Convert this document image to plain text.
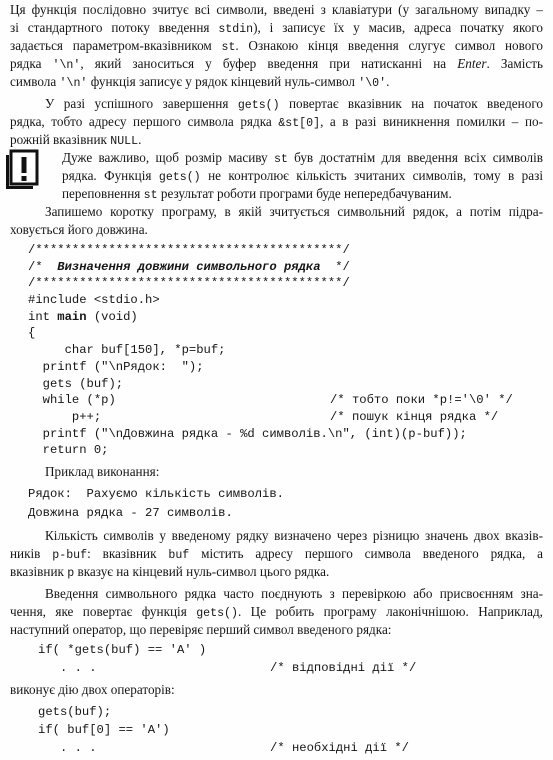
Ця функція послідовно зчитує всі символи, введені з клавіатури (у загальному випадку –
зі стандартного потоку введення stdin), і записує їх у масив, адреса початку якого
задається параметром-вказівником st. Ознакою кінця введення слугує символ нового
рядка '\n', який заноситься у буфер введення при натисканні на Enter. Замість
символа '\n' функція записує у рядок кінцевий нуль-символ '\0'.
У разі успішного завершення gets() повертає вказівник на початок введеного
рядка, тобто адресу першого символа рядка &st[0], а в разі виникнення помилки – по-
рожній вказівник NULL.
Дуже важливо, щоб розмір масиву st був достатнім для введення всіх символів
рядка. Функція gets() не контролює кількість зчитаних символів, тому в разі
переповнення st результат роботи програми буде непередбачуваним.
Запишемо коротку програму, в якій зчитується символьний рядок, а потім підра-
ховується його довжина.
/******************************************/
/*  Визначення довжини символьного рядка  */
/******************************************/
#include <stdio.h>
int main (void)
{
char buf[150], *p=buf;
printf ("\nРядок:  ");
gets (buf);
while (*p)	/* тобто поки *p!='\0' */
p++;	/* пошук кінця рядка */
printf ("\nДовжина рядка - %d символів.\n", (int)(p-buf));
return 0;
Приклад виконання:
Рядок:  Рахуємо кількість символів.
Довжина рядка - 27 символів.
Кількість символів у введеному рядку визначено через різницю значень двох вказів-
ників p-buf: вказівник buf містить адресу першого символа введеного рядка, а
вказівник p вказує на кінцевий нуль-символ цього рядка.
Введення символьного рядка часто поєднують з перевіркою або присвоєнням зна-
чення, яке повертає функція gets(). Це робить програму лаконічнішою. Наприклад,
наступний оператор, що перевіряє перший символ введеного рядка:
if( *gets(buf) == 'A' )
. . .	/* відповідні дії */
виконує дію двох операторів:
gets(buf);
if( buf[0] == 'A')
. . .	/* необхідні дії */
